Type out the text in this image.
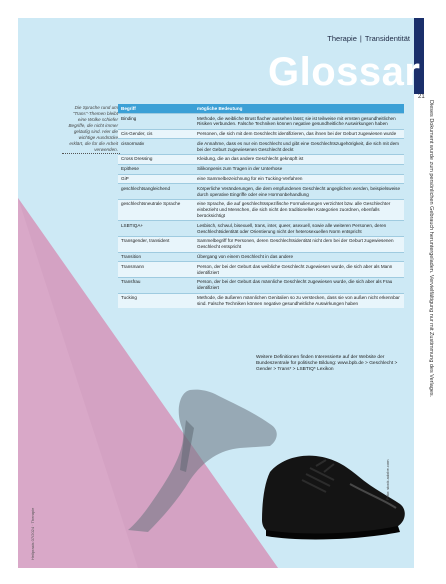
Therapie | Transidentität
Glossar
21
Die Sprache rund um "Trans"-Themen bleibt eine Wolke schiefer Begriffe, die nicht immer geläufig sind. Hier die wichtige Ausdrücke erklärt, die für die Arbeit verwenden.
Begriff	mögliche Bedeutung
Binding	Methode, die weibliche Brust flacher aussehen lässt; sie ist teilweise mit ernsten gesundheitlichen Risiken verbunden. Falsche Techniken können negative gesundheitliche Auswirkungen haben
Cis-Gender, cis	Personen, die sich mit dem Geschlecht identifizieren, das ihnen bei der Geburt zugewiesen wurde
cisnormativ	die Annahme, dass es nur ein Geschlecht und gibt eine Geschlechtszugehörigkeit, die sich mit dem bei der Geburt zugewiesenen Geschlecht deckt
Cross Dressing	Kleidung, die an das andere Geschlecht geknüpft ist
Epithese	Silikonpenis zum Tragen in der Unterhose
GiP	eine Sammelbezeichnung für ein Tucking-Verfahren
geschlechtsangleichend	Körperliche Veränderungen, die dem empfundenen Geschlecht angeglichen werden, beispielsweise durch operative Eingriffe oder eine Hormonbehandlung
geschlechtsneutrale Sprache	eine Sprache, die auf geschlechtsspezifische Formulierungen verzichtet bzw. alle Geschlechter einbezieht und Menschen, die sich nicht den traditionellen Kategorien zuordnen, ebenfalls berücksichtigt
LSBTIQA+	Lesbisch, schwul, bisexuell, trans, inter, queer, asexuell, sowie alle weiteren Personen, deren Geschlechtsidentität oder Orientierung nicht der heterosexuellen Norm entspricht
Transgender, transident	Sammelbegriff für Personen, deren Geschlechtsidentität nicht dem bei der Geburt zugewiesenen Geschlecht entspricht
Transition	Übergang von einem Geschlecht in das andere
Transmann	Person, der bei der Geburt das weibliche Geschlecht zugewiesen wurde, die sich aber als Mann identifiziert
Transfrau	Person, der bei der Geburt das männliche Geschlecht zugewiesen wurde, die sich aber als Frau identifiziert
Tucking	Methode, die äußeren männlichen Genitalien so zu verstecken, dass sie von außen nicht erkennbar sind. Falsche Techniken können negative gesundheitliche Auswirkungen haben
Weitere Definitionen finden Interessierte auf der Website der Bundeszentrale für politische Bildung: www.bpb.de > Geschlecht > Gender > Trans* > LSBTIQ* Lexikon
Foto: stock.adobe.com
Heilpraxis 07/2024 · Therapie
Dieses Dokument wurde zum persönlichen Gebrauch heruntergeladen. Vervielfältigung nur mit Zustimmung des Verlages.
